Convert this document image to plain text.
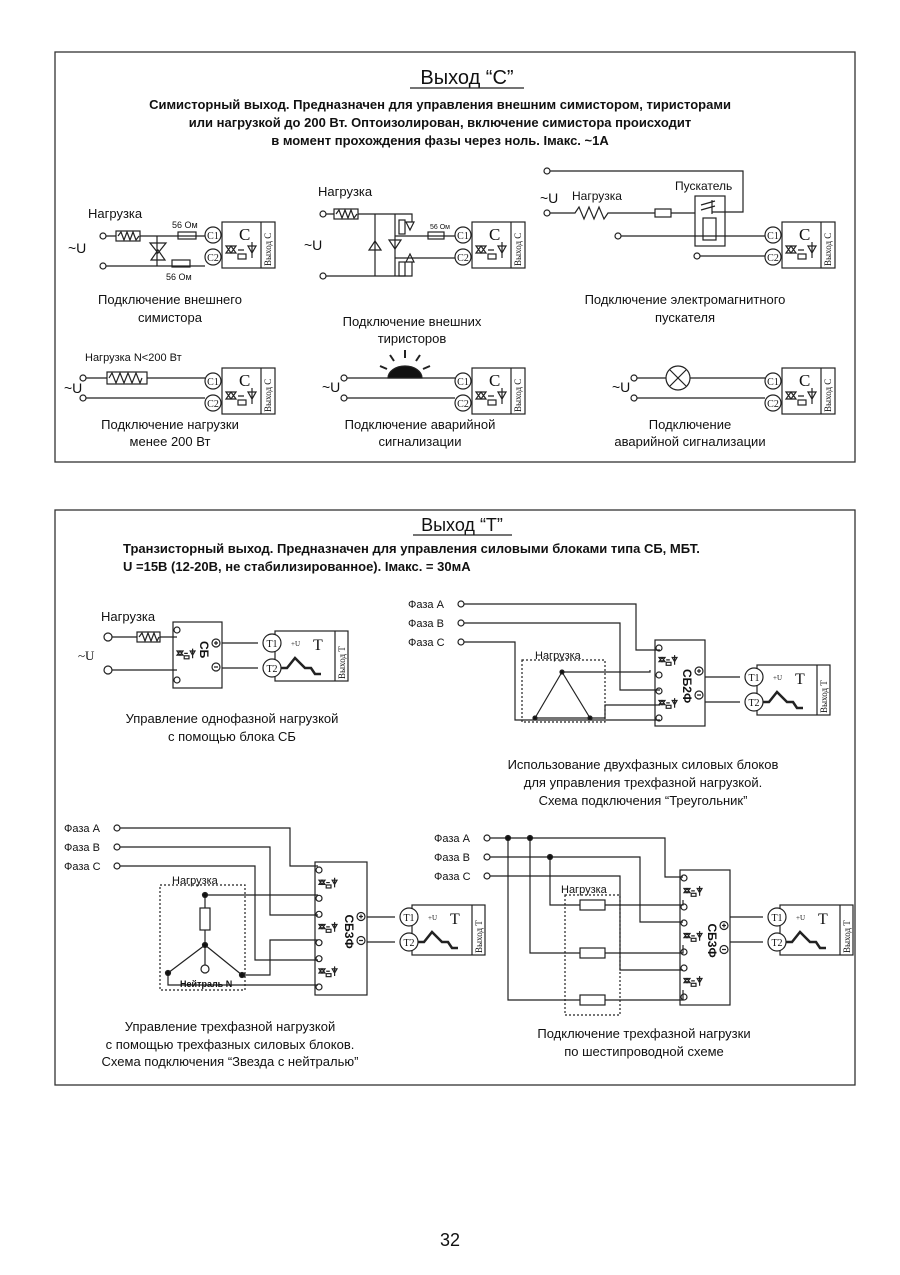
Выход “С”
Симисторный выход. Предназначен для управления внешним симистором, тиристорами
или нагрузкой до 200 Вт. Оптоизолирован, включение симистора происходит
в момент прохождения фазы через ноль. Iмакс. ~1А
Нагрузка
~U
56 Ом
56 Ом
Подключение внешнего
симистора
C1
C2
C Выход С
Нагрузка
~U
56 Ом
Подключение внешних
тиристоров
C1
C2
C Выход С
~U Нагрузка
Пускатель
Подключение электромагнитного
пускателя
C1
C2
C Выход С
Нагрузка N<200 Вт
~U
Подключение нагрузки
менее 200 Вт
C1
C2
C Выход С	~U
Подключение аварийной
сигнализации
C1
C2
C Выход С	~U
Подключение
аварийной сигнализации
C1
C2
C Выход С
Выход “Т”
Транзисторный выход. Предназначен для управления силовыми блоками типа СБ, МБТ.
U =15В (12-20В, не стабилизированное). Iмакс. = 30мА
Нагрузка
~U	СБ	T1
T2
+U T
Выход Т
Управление однофазной нагрузкой
с помощью блока СБ
Фаза A
Фаза B
Фаза C
Нагрузка
СБ2Ф	T1
T2
+U T
Выход Т
Использование двухфазных силовых блоков
для управления трехфазной нагрузкой.
Схема подключения “Треугольник”
Фаза A
Фаза B
Фаза C
Нагрузка
Нейтраль N
СБ3Ф	T1
T2
+U T
Выход Т
Управление трехфазной нагрузкой
с помощью трехфазных силовых блоков.
Схема подключения “Звезда с нейтралью”
Фаза A
Фаза B
Фаза C
Нагрузка
СБ3Ф
T1
T2
+U T
Выход Т
Подключение трехфазной нагрузки
по шестипроводной схеме
32
